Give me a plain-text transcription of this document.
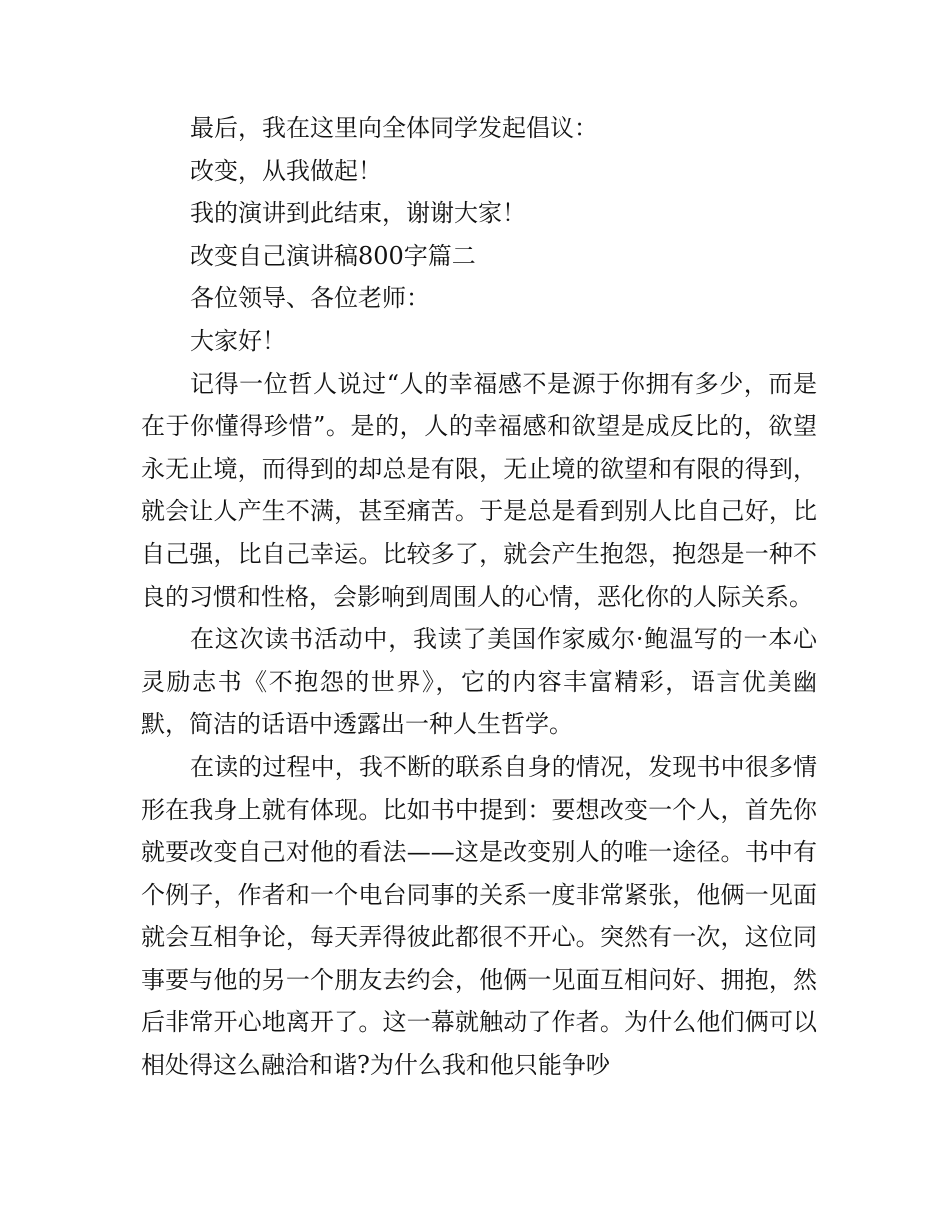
最后，我在这里向全体同学发起倡议：

改变，从我做起！

我的演讲到此结束，谢谢大家！

改变自己演讲稿800字篇二

各位领导、各位老师：

大家好！

记得一位哲人说过“人的幸福感不是源于你拥有多少，而是在于你懂得珍惜”。是的，人的幸福感和欲望是成反比的，欲望永无止境，而得到的却总是有限，无止境的欲望和有限的得到，就会让人产生不满，甚至痛苦。于是总是看到别人比自己好，比自己强，比自己幸运。比较多了，就会产生抱怨，抱怨是一种不良的习惯和性格，会影响到周围人的心情，恶化你的人际关系。

在这次读书活动中，我读了美国作家威尔·鲍温写的一本心灵励志书《不抱怨的世界》，它的内容丰富精彩，语言优美幽默，简洁的话语中透露出一种人生哲学。

在读的过程中，我不断的联系自身的情况，发现书中很多情形在我身上就有体现。比如书中提到：要想改变一个人，首先你就要改变自己对他的看法——这是改变别人的唯一途径。书中有个例子，作者和一个电台同事的关系一度非常紧张，他俩一见面就会互相争论，每天弄得彼此都很不开心。突然有一次，这位同事要与他的另一个朋友去约会，他俩一见面互相问好、拥抱，然后非常开心地离开了。这一幕就触动了作者。为什么他们俩可以相处得这么融洽和谐?为什么我和他只能争吵
